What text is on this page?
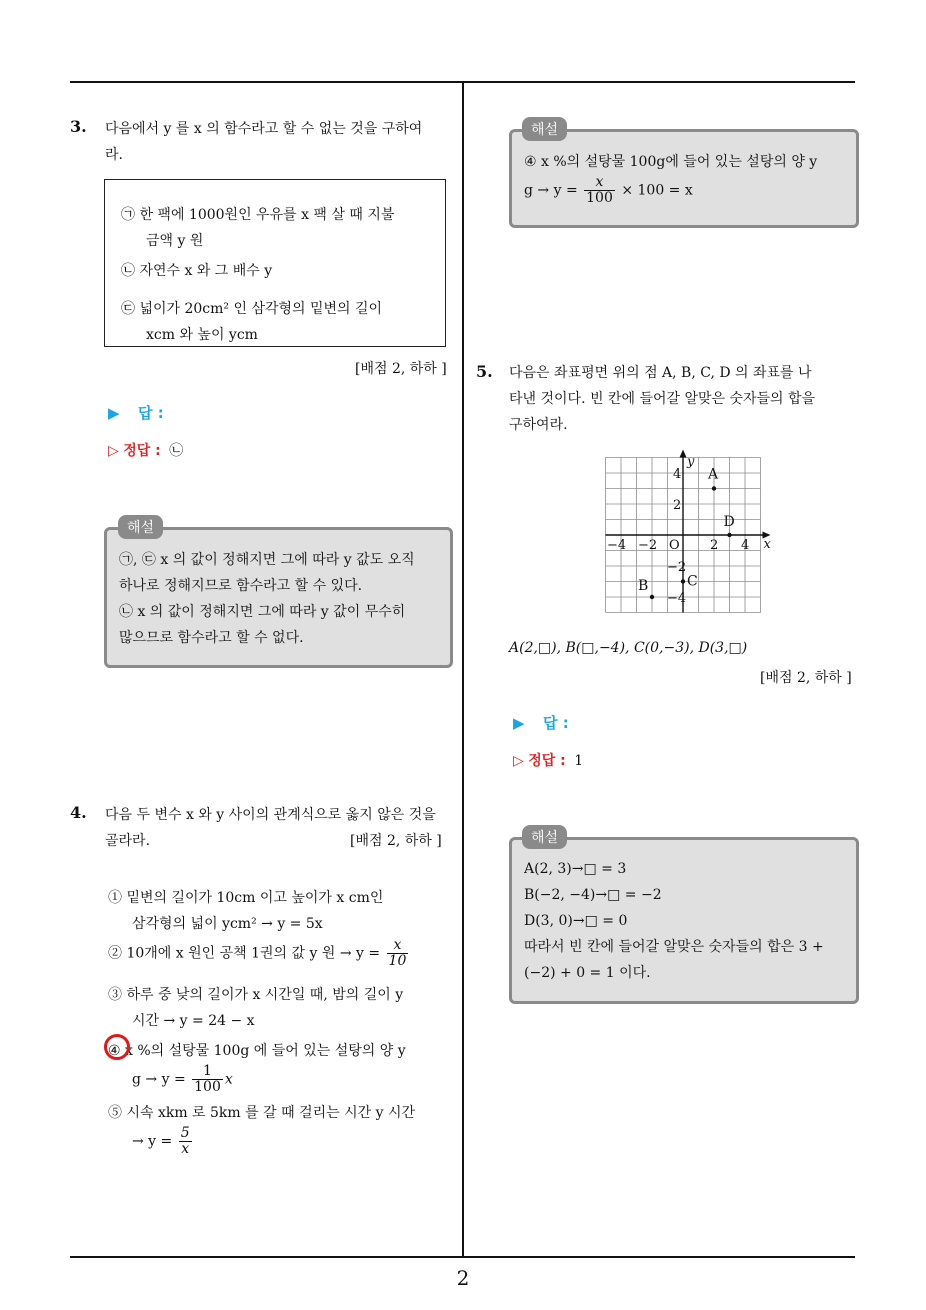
2
3. 다음에서 y 를 x 의 함수라고 할 수 없는 것을 구하여
라.
㉠ 한 팩에 1000원인 우유를 x 팩 살 때 지불
금액 y 원
㉡ 자연수 x 와 그 배수 y
㉢ 넓이가 20cm² 인 삼각형의 밑변의 길이
xcm 와 높이 ycm
[배점 2, 하하 ]
▶ 답 :
▷ 정답 : ㉡
㉠, ㉢ x 의 값이 정해지면 그에 따라 y 값도 오직
하나로 정해지므로 함수라고 할 수 있다.
㉡ x 의 값이 정해지면 그에 따라 y 값이 무수히
많으므로 함수라고 할 수 없다.
해설
4. 다음 두 변수 x 와 y 사이의 관계식으로 옳지 않은 것을
골라라.	[배점 2, 하하 ]
① 밑변의 길이가 10cm 이고 높이가 x cm인
삼각형의 넓이 ycm² → y = 5x
② 10개에 x 원인 공책 1권의 값 y 원 → $y = \frac{x}{10}$
③ 하루 중 낮의 길이가 x 시간일 때, 밤의 길이 y
시간 → y = 24 − x
④ x %의 설탕물 100g 에 들어 있는 설탕의 양 y
$g \to y = \frac{1}{100}$ x
⑤ 시속 xkm 로 5km 를 갈 때 걸리는 시간 y 시간
→ $y = \frac{5}{x}$
④ x %의 설탕물 100g에 들어 있는 설탕의 양 y
$g \to y = \frac{x}{100} \times 100 = x$
해설
5. 다음은 좌표평면 위의 점 A, B, C, D 의 좌표를 나
타낸 것이다. 빈 칸에 들어갈 알맞은 숫자들의 합을
구하여라.
x
y
O
−4 −2	2 4
4
2
−2
−4
A
B	C
D
A(2,□), B(□,−4), C(0,−3), D(3,□)
[배점 2, 하하 ]
▶ 답 :
▷ 정답 : 1
A(2, 3)→□ = 3
B(−2, −4)→□ = −2
D(3, 0)→□ = 0
따라서 빈 칸에 들어갈 알맞은 숫자들의 합은 3 +
(−2) + 0 = 1 이다.
해설
